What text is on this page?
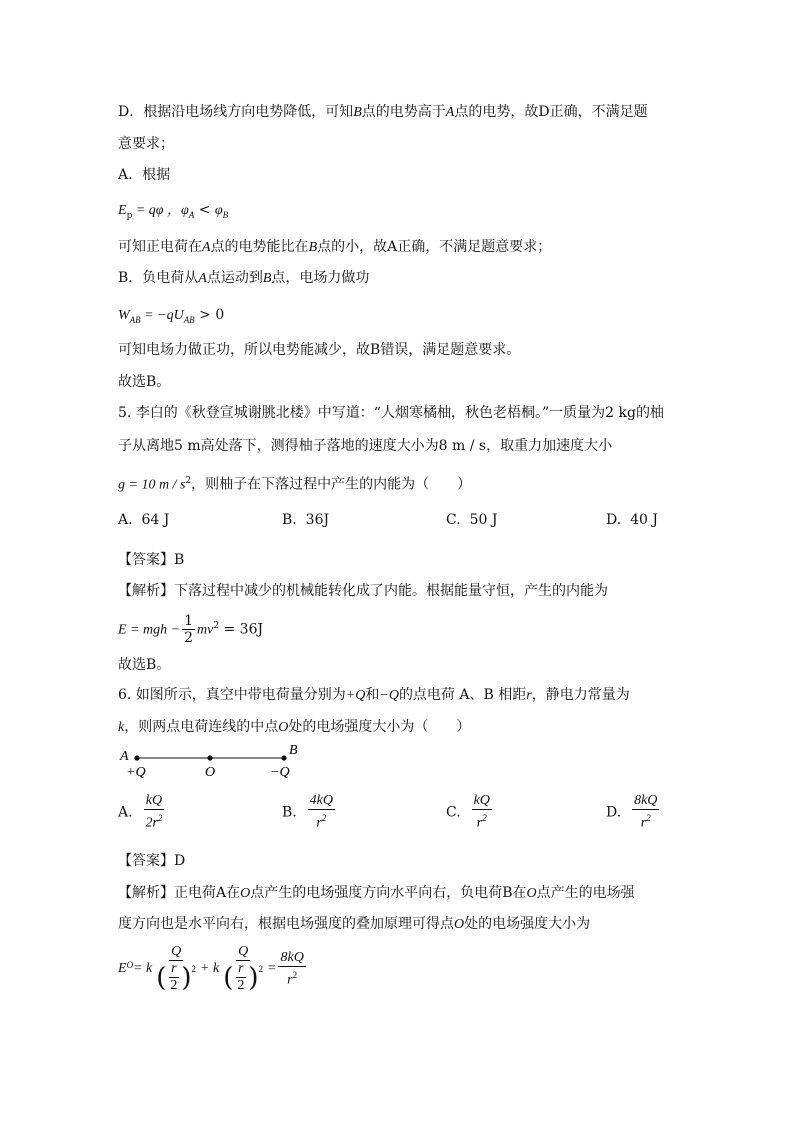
D．根据沿电场线方向电势降低，可知B点的电势高于A点的电势，故D正确，不满足题
意要求；
A．根据
$E_p = q\varphi$ ，$\varphi_A < \varphi_B$
可知正电荷在A点的电势能比在B点的小，故A正确，不满足题意要求；
B．负电荷从A点运动到B点，电场力做功
$W_{AB} = -qU_{AB} > 0$
可知电场力做正功，所以电势能减少，故B错误，满足题意要求。
故选B。
5. 李白的《秋登宣城谢朓北楼》中写道：“人烟寒橘柚，秋色老梧桐。”一质量为2 kg的柚
子从离地5 m高处落下，测得柚子落地的速度大小为8 m / s，取重力加速度大小
g = 10 m / $s^2$，则柚子在下落过程中产生的内能为（　　）
A. 64 J	B. 36J	C. 50 J	D. 40 J
【答案】B
【解析】下落过程中减少的机械能转化成了内能。根据能量守恒，产生的内能为
E = mgh − $\frac{1}{2} mv^2 = 36J$
故选B。
6. 如图所示，真空中带电荷量分别为+Q和−Q的点电荷 A、B 相距r，静电力常量为
k，则两点电荷连线的中点O处的电场强度大小为（　　）
A	B
+Q	O	−Q
A. $\frac{kQ}{2r^2}$	B. $\frac{4kQ}{r^2}$	C. $\frac{kQ}{r^2}$	D. $\frac{8kQ}{r^2}$
【答案】D
【解析】正电荷A在O点产生的电场强度方向水平向右，负电荷B在O点产生的电场强
度方向也是水平向右，根据电场强度的叠加原理可得点O处的电场强度大小为
$E^O = k \frac{Q}{( \frac{r}{2} )^2} + k \frac{Q}{( \frac{r}{2} )^2} = \frac{8kQ}{r^2}$
